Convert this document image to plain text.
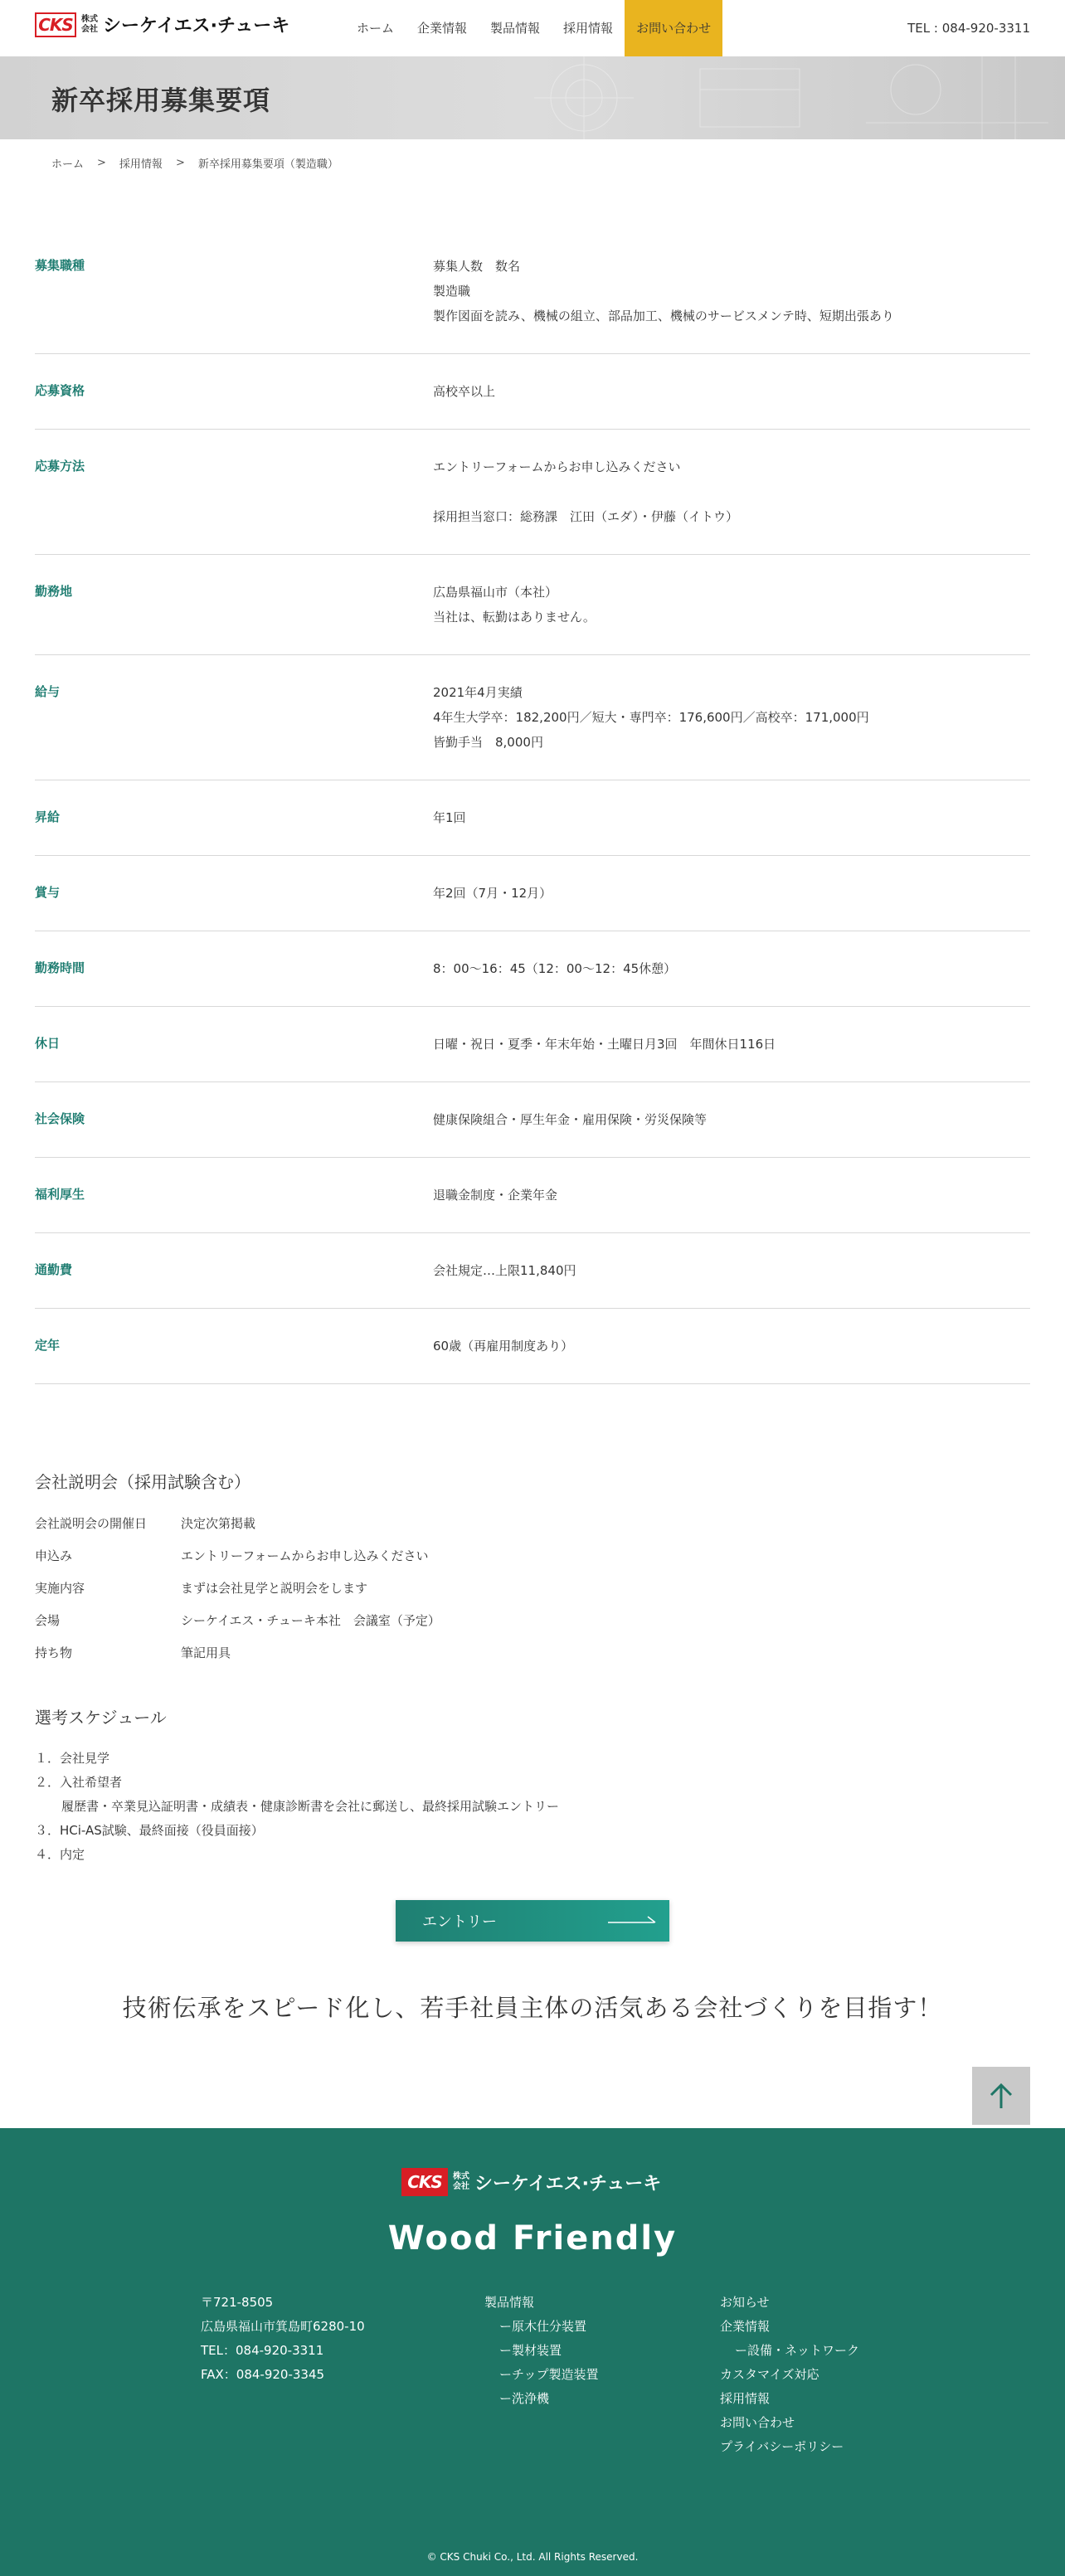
CKS	株式会社 シーケイエス·チューキ	ホーム	企業情報	製品情報	採用情報	お問い合わせ	TEL : 084-920-3311
新卒採用募集要項
ホーム > 採用情報 > 新卒採用募集要項（製造職）
募集職種	募集人数　数名
製造職
製作図面を読み、機械の組立、部品加工、機械のサービスメンテ時、短期出張あり
応募資格	高校卒以上
応募方法	エントリーフォームからお申し込みください
採用担当窓口：総務課　江田（エダ）・伊藤（イトウ）
勤務地	広島県福山市（本社）
当社は、転勤はありません。
給与	2021年4月実績
4年生大学卒：182,200円／短大・専門卒：176,600円／高校卒：171,000円
皆勤手当　8,000円
昇給	年1回
賞与	年2回（7月・12月）
勤務時間	8：00〜16：45（12：00〜12：45休憩）
休日	日曜・祝日・夏季・年末年始・土曜日月3回　年間休日116日
社会保険	健康保険組合・厚生年金・雇用保険・労災保険等
福利厚生	退職金制度・企業年金
通勤費	会社規定…上限11,840円
定年	60歳（再雇用制度あり）
会社説明会（採用試験含む）
会社説明会の開催日	決定次第掲載
申込み	エントリーフォームからお申し込みください
実施内容	まずは会社見学と説明会をします
会場	シーケイエス・チューキ本社　会議室（予定）
持ち物	筆記用具
選考スケジュール
１．会社見学
２．入社希望者
履歴書・卒業見込証明書・成績表・健康診断書を会社に郵送し、最終採用試験エントリー
３．HCi-AS試験、最終面接（役員面接）
４．内定
エントリー
技術伝承をスピード化し、若手社員主体の活気ある会社づくりを目指す！
CKS	株式会社 シーケイエス·チューキ
Wood Friendly
〒721-8505
広島県福山市箕島町6280-10
TEL：084-920-3311
FAX：084-920-3345
製品情報
ー原木仕分装置
ー製材装置
ーチップ製造装置
ー洗浄機
お知らせ
企業情報
ー設備・ネットワーク
カスタマイズ対応
採用情報
お問い合わせ
プライバシーポリシー
© CKS Chuki Co., Ltd. All Rights Reserved.
